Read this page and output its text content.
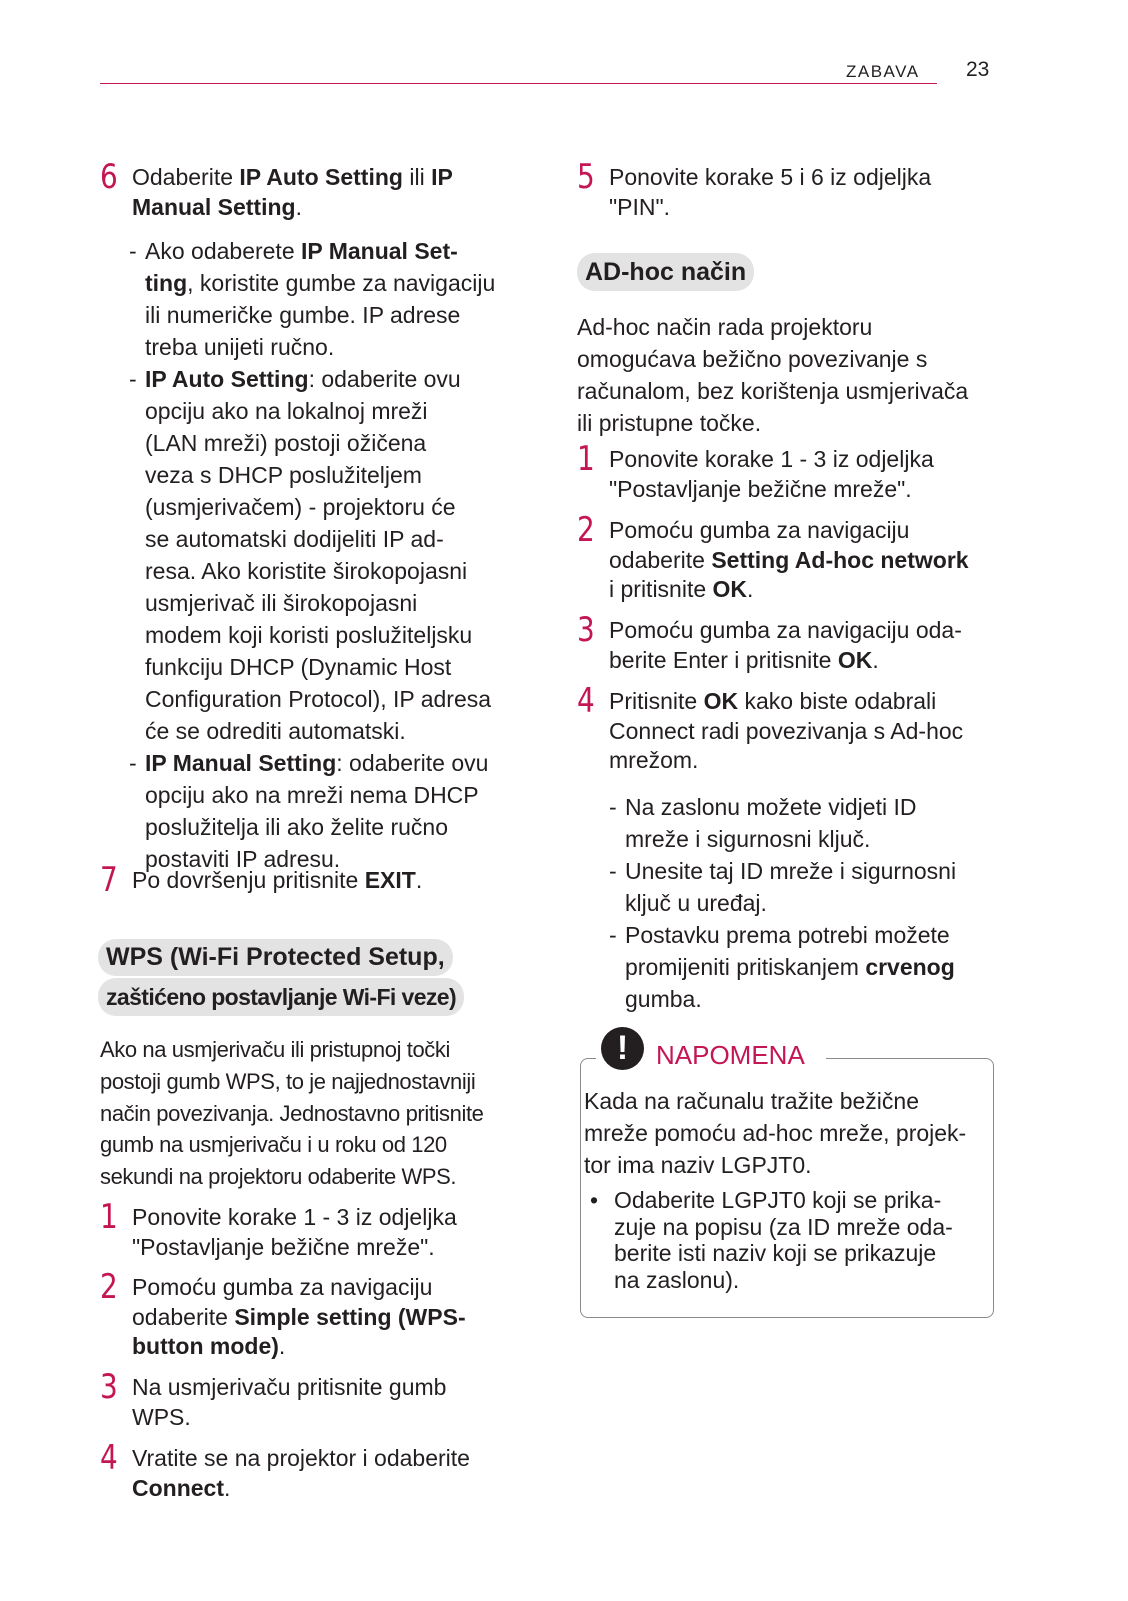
ZABAVA 23
6 Odaberite IP Auto Setting ili IP
Manual Setting.
- Ako odaberete IP Manual Set-
ting, koristite gumbe za navigaciju
ili numeričke gumbe. IP adrese
treba unijeti ručno.
- IP Auto Setting: odaberite ovu
opciju ako na lokalnoj mreži
(LAN mreži) postoji ožičena
veza s DHCP poslužiteljem
(usmjerivačem) - projektoru će
se automatski dodijeliti IP ad-
resa. Ako koristite širokopojasni
usmjerivač ili širokopojasni
modem koji koristi poslužiteljsku
funkciju DHCP (Dynamic Host
Configuration Protocol), IP adresa
će se odrediti automatski.
- IP Manual Setting: odaberite ovu
opciju ako na mreži nema DHCP
poslužitelja ili ako želite ručno
postaviti IP adresu.
7 Po dovršenju pritisnite EXIT.
WPS (Wi-Fi Protected Setup,
zaštićeno postavljanje Wi-Fi veze)
Ako na usmjerivaču ili pristupnoj točki
postoji gumb WPS, to je najjednostavniji
način povezivanja. Jednostavno pritisnite
gumb na usmjerivaču i u roku od 120
sekundi na projektoru odaberite WPS.
1 Ponovite korake 1 - 3 iz odjeljka
"Postavljanje bežične mreže".
2 Pomoću gumba za navigaciju
odaberite Simple setting (WPS-
button mode).
3 Na usmjerivaču pritisnite gumb
WPS.
4 Vratite se na projektor i odaberite
Connect.
5 Ponovite korake 5 i 6 iz odjeljka
"PIN".
AD-hoc način
Ad-hoc način rada projektoru
omogućava bežično povezivanje s
računalom, bez korištenja usmjerivača
ili pristupne točke.
1 Ponovite korake 1 - 3 iz odjeljka
"Postavljanje bežične mreže".
2 Pomoću gumba za navigaciju
odaberite Setting Ad-hoc network
i pritisnite OK.
3 Pomoću gumba za navigaciju oda-
berite Enter i pritisnite OK.
4 Pritisnite OK kako biste odabrali
Connect radi povezivanja s Ad-hoc
mrežom.
- Na zaslonu možete vidjeti ID
mreže i sigurnosni ključ.
- Unesite taj ID mreže i sigurnosni
ključ u uređaj.
- Postavku prema potrebi možete
promijeniti pritiskanjem crvenog
gumba.
!	NAPOMENA
Kada na računalu tražite bežične
mreže pomoću ad-hoc mreže, projek-
tor ima naziv LGPJT0.
• Odaberite LGPJT0 koji se prika-
zuje na popisu (za ID mreže oda-
berite isti naziv koji se prikazuje
na zaslonu).
